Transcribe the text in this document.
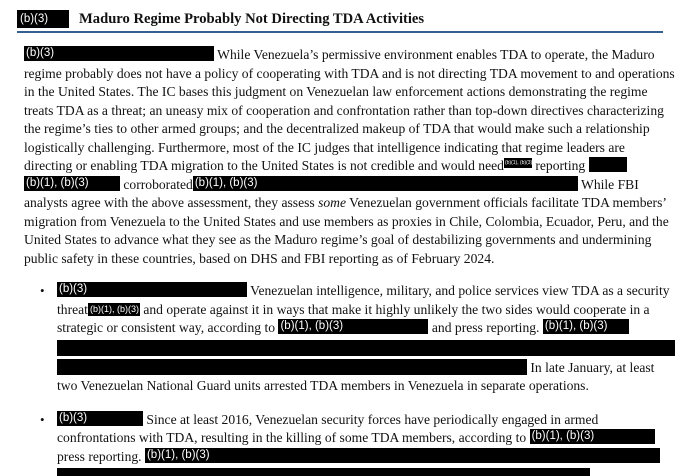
(b)(3)	Maduro Regime Probably Not Directing TDA Activities
(b)(3)	While Venezuela’s permissive environment enables TDA to operate, the Maduro regime probably does not have a policy of cooperating with TDA and is not directing TDA movement to and operations in the United States. The IC bases this judgment on Venezuelan law enforcement actions demonstrating the regime treats TDA as a threat; an uneasy mix of cooperation and confrontation rather than top-down directives characterizing the regime’s ties to other armed groups; and the decentralized makeup of TDA that would make such a relationship logistically challenging. Furthermore, most of the IC judges that intelligence indicating that regime leaders are directing or enabling TDA migration to the United States is not credible and would need(b)(1), (b)(3) reporting  (b)(1), (b)(3) corroborated (b)(1), (b)(3)	While FBI analysts agree with the above assessment, they assess some Venezuelan government officials facilitate TDA members’ migration from Venezuela to the United States and use members as proxies in Chile, Colombia, Ecuador, Peru, and the United States to advance what they see as the Maduro regime’s goal of destabilizing governments and undermining public safety in these countries, based on DHS and FBI reporting as of February 2024.
• (b)(3)	Venezuelan intelligence, military, and police services view TDA as a security threat (b)(1), (b)(3) and operate against it in ways that make it highly unlikely the two sides would cooperate in a strategic or consistent way, according to (b)(1), (b)(3)	and press reporting. (b)(1), (b)(3)
In late January, at least two Venezuelan National Guard units arrested TDA members in Venezuela in separate operations.
• (b)(3)	Since at least 2016, Venezuelan security forces have periodically engaged in armed confrontations with TDA, resulting in the killing of some TDA members, according to (b)(1), (b)(3) press reporting. (b)(1), (b)(3)
